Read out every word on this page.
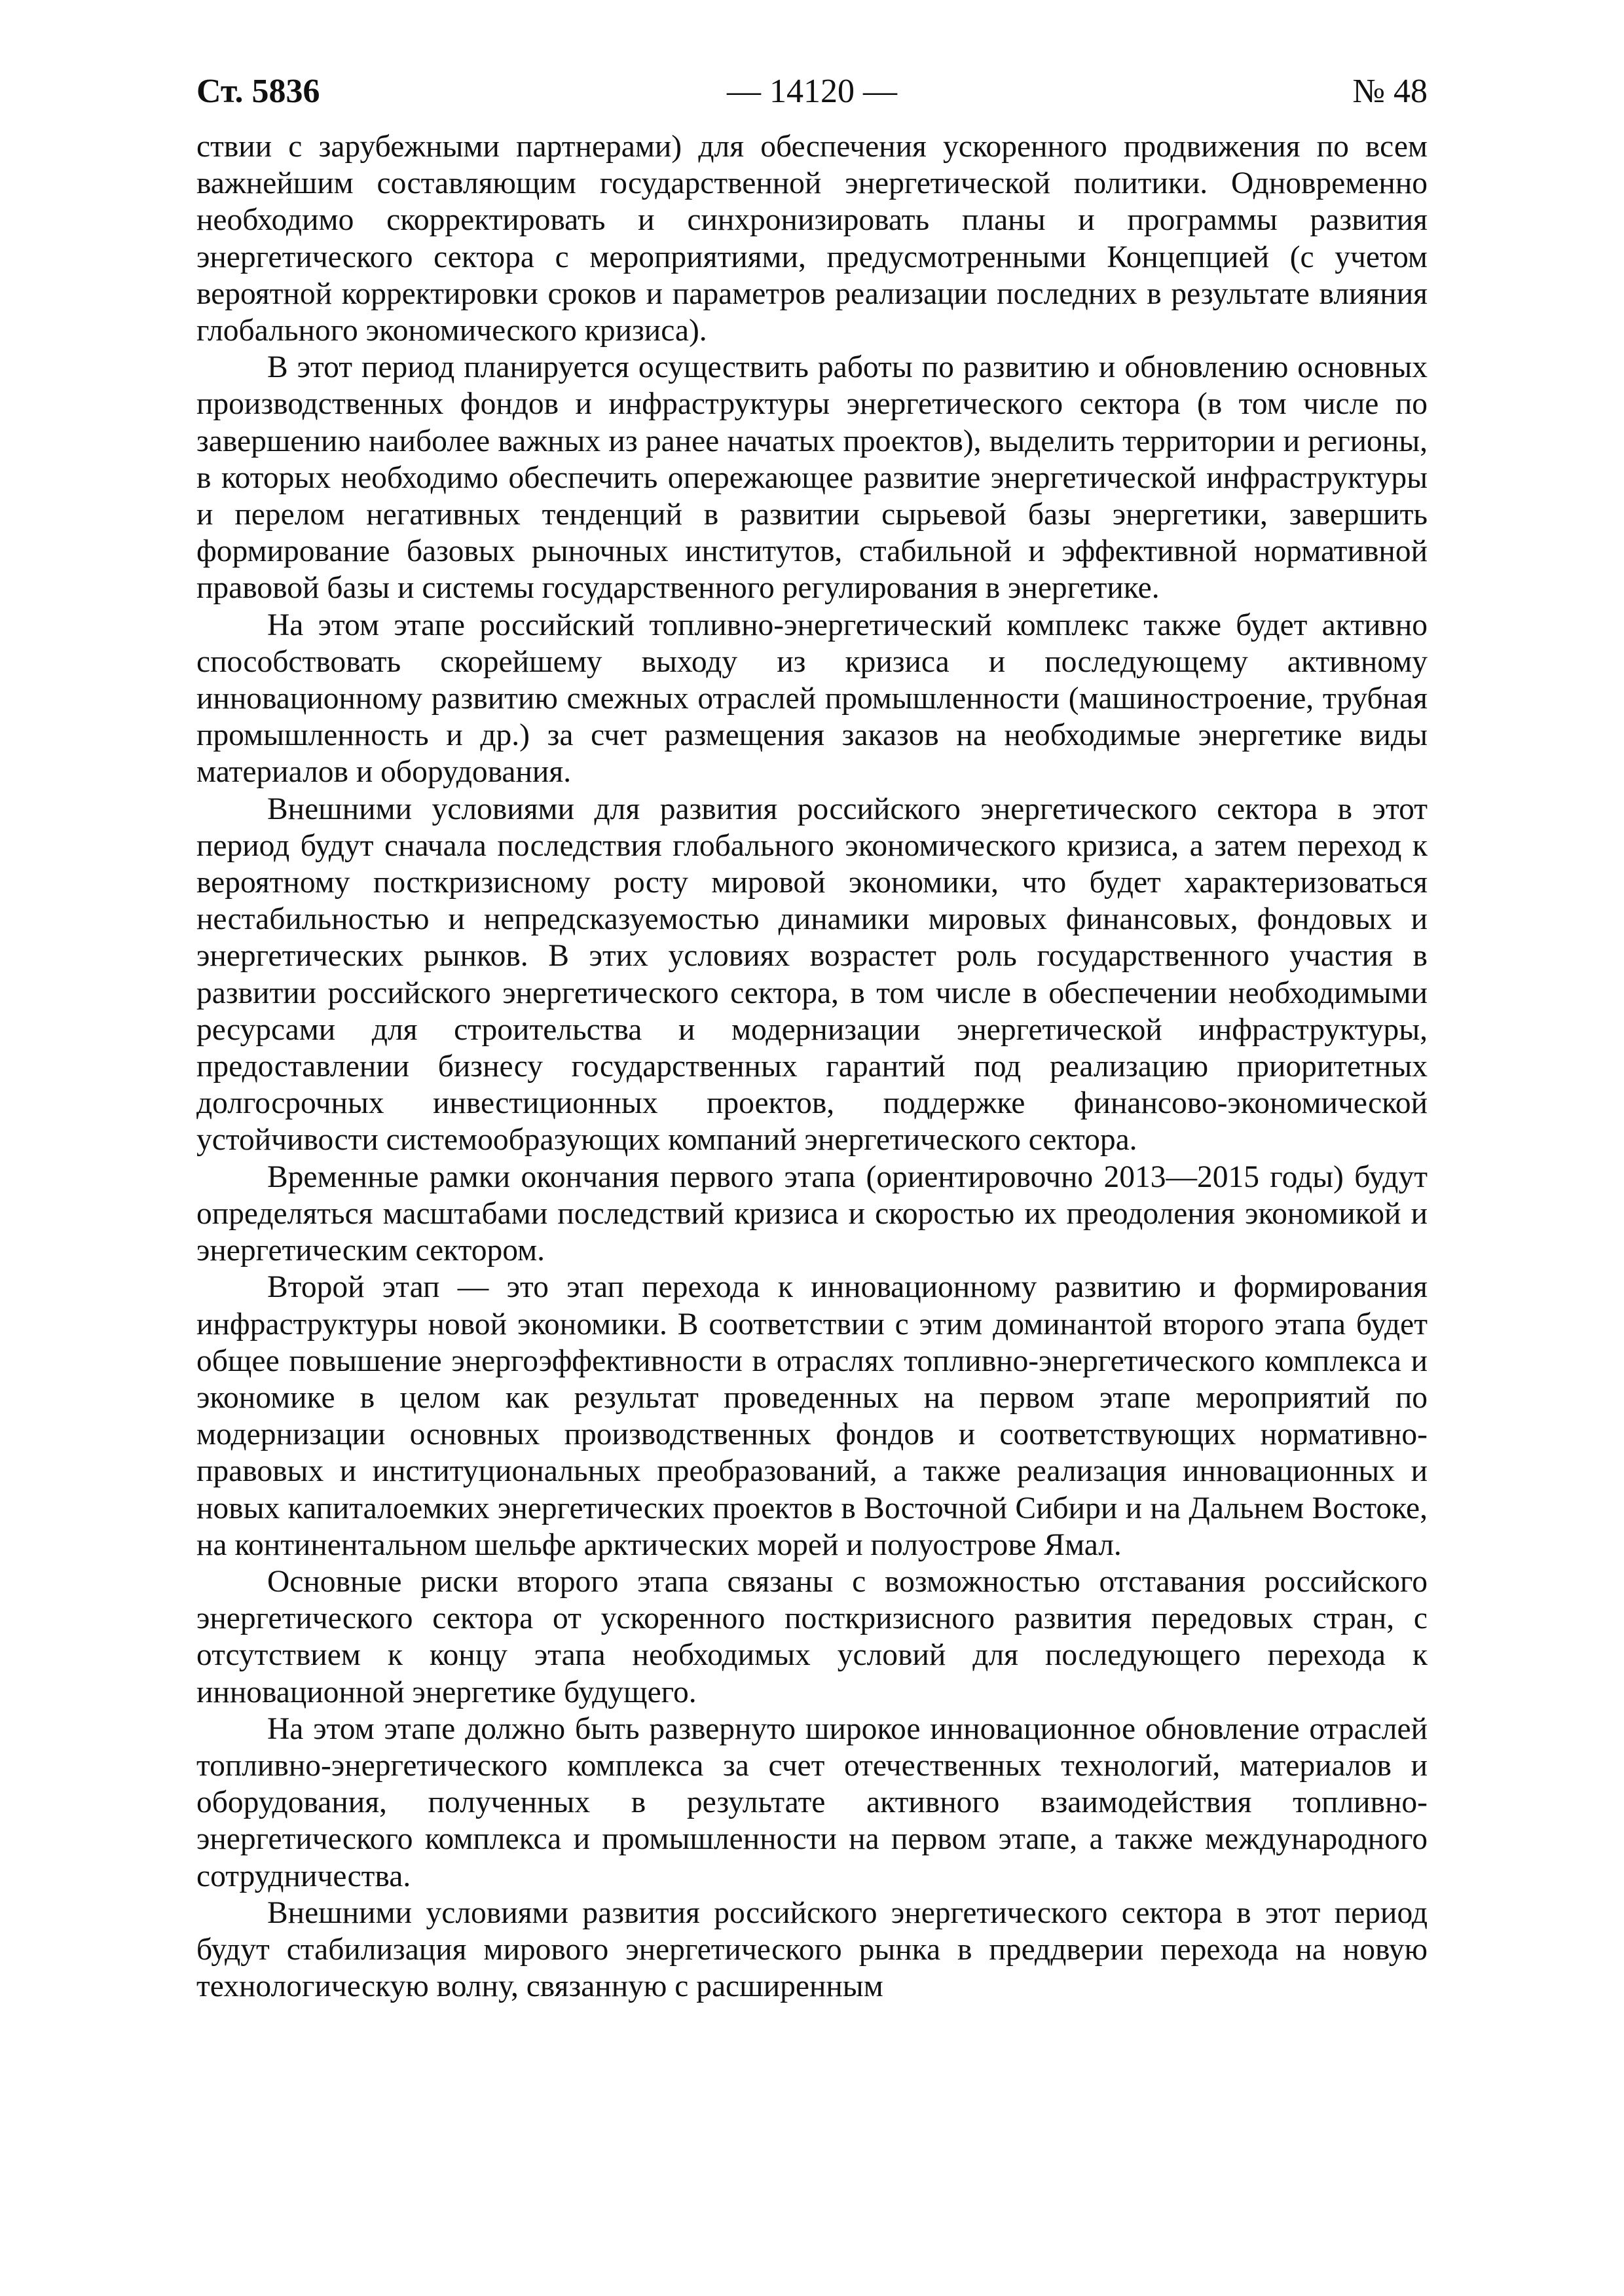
Ст. 5836	— 14120 —	№ 48

ствии с зарубежными партнерами) для обеспечения ускоренного продвижения по всем важнейшим составляющим государственной энергетической политики. Одновременно необходимо скорректировать и синхронизировать планы и программы развития энергетического сектора с мероприятиями, предусмотренными Концепцией (с учетом вероятной корректировки сроков и параметров реализации последних в результате влияния глобального экономического кризиса).

В этот период планируется осуществить работы по развитию и обновлению основных производственных фондов и инфраструктуры энергетического сектора (в том числе по завершению наиболее важных из ранее начатых проектов), выделить территории и регионы, в которых необходимо обеспечить опережающее развитие энергетической инфраструктуры и перелом негативных тенденций в развитии сырьевой базы энергетики, завершить формирование базовых рыночных институтов, стабильной и эффективной нормативной правовой базы и системы государственного регулирования в энергетике.

На этом этапе российский топливно-энергетический комплекс также будет активно способствовать скорейшему выходу из кризиса и последующему активному инновационному развитию смежных отраслей промышленности (машиностроение, трубная промышленность и др.) за счет размещения заказов на необходимые энергетике виды материалов и оборудования.

Внешними условиями для развития российского энергетического сектора в этот период будут сначала последствия глобального экономического кризиса, а затем переход к вероятному посткризисному росту мировой экономики, что будет характеризоваться нестабильностью и непредсказуемостью динамики мировых финансовых, фондовых и энергетических рынков. В этих условиях возрастет роль государственного участия в развитии российского энергетического сектора, в том числе в обеспечении необходимыми ресурсами для строительства и модернизации энергетической инфраструктуры, предоставлении бизнесу государственных гарантий под реализацию приоритетных долгосрочных инвестиционных проектов, поддержке финансово-экономической устойчивости системообразующих компаний энергетического сектора.

Временные рамки окончания первого этапа (ориентировочно 2013—2015 годы) будут определяться масштабами последствий кризиса и скоростью их преодоления экономикой и энергетическим сектором.

Второй этап — это этап перехода к инновационному развитию и формирования инфраструктуры новой экономики. В соответствии с этим доминантой второго этапа будет общее повышение энергоэффективности в отраслях топливно-энергетического комплекса и экономике в целом как результат проведенных на первом этапе мероприятий по модернизации основных производственных фондов и соответствующих нормативно-правовых и институциональных преобразований, а также реализация инновационных и новых капиталоемких энергетических проектов в Восточной Сибири и на Дальнем Востоке, на континентальном шельфе арктических морей и полуострове Ямал.

Основные риски второго этапа связаны с возможностью отставания российского энергетического сектора от ускоренного посткризисного развития передовых стран, с отсутствием к концу этапа необходимых условий для последующего перехода к инновационной энергетике будущего.

На этом этапе должно быть развернуто широкое инновационное обновление отраслей топливно-энергетического комплекса за счет отечественных технологий, материалов и оборудования, полученных в результате активного взаимодействия топливно-энергетического комплекса и промышленности на первом этапе, а также международного сотрудничества.

Внешними условиями развития российского энергетического сектора в этот период будут стабилизация мирового энергетического рынка в преддверии перехода на новую технологическую волну, связанную с расширенным
